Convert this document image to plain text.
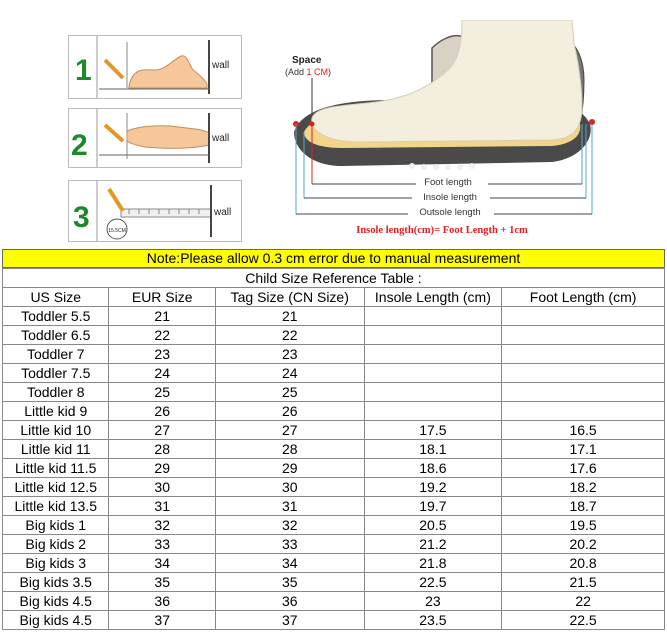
1	wall
2	wall
3	15.5CM
wall
Space
(Add 1 CM)
Foot length
Insole length
Outsole length
Insole length(cm)= Foot Length + 1cm
Note:Please allow 0.3 cm error due to manual measurement
Child Size Reference Table :				
US Size	EUR Size	Tag Size (CN Size)	Insole Length (cm)	Foot Length (cm)
Toddler 5.5	21	21		
Toddler 6.5	22	22		
Toddler 7	23	23		
Toddler 7.5	24	24		
Toddler 8	25	25		
Little kid 9	26	26		
Little kid 10	27	27	17.5	16.5
Little kid 11	28	28	18.1	17.1
Little kid 11.5	29	29	18.6	17.6
Little kid 12.5	30	30	19.2	18.2
Little kid 13.5	31	31	19.7	18.7
Big kids 1	32	32	20.5	19.5
Big kids 2	33	33	21.2	20.2
Big kids 3	34	34	21.8	20.8
Big kids 3.5	35	35	22.5	21.5
Big kids 4.5	36	36	23	22
Big kids 4.5	37	37	23.5	22.5
